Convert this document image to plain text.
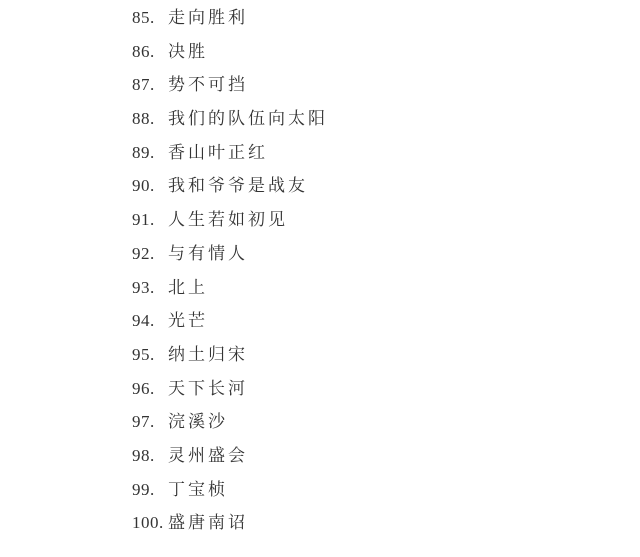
85. 走向胜利
86. 决胜
87. 势不可挡
88. 我们的队伍向太阳
89. 香山叶正红
90. 我和爷爷是战友
91. 人生若如初见
92. 与有情人
93. 北上
94. 光芒
95. 纳土归宋
96. 天下长河
97. 浣溪沙
98. 灵州盛会
99. 丁宝桢
100. 盛唐南诏
